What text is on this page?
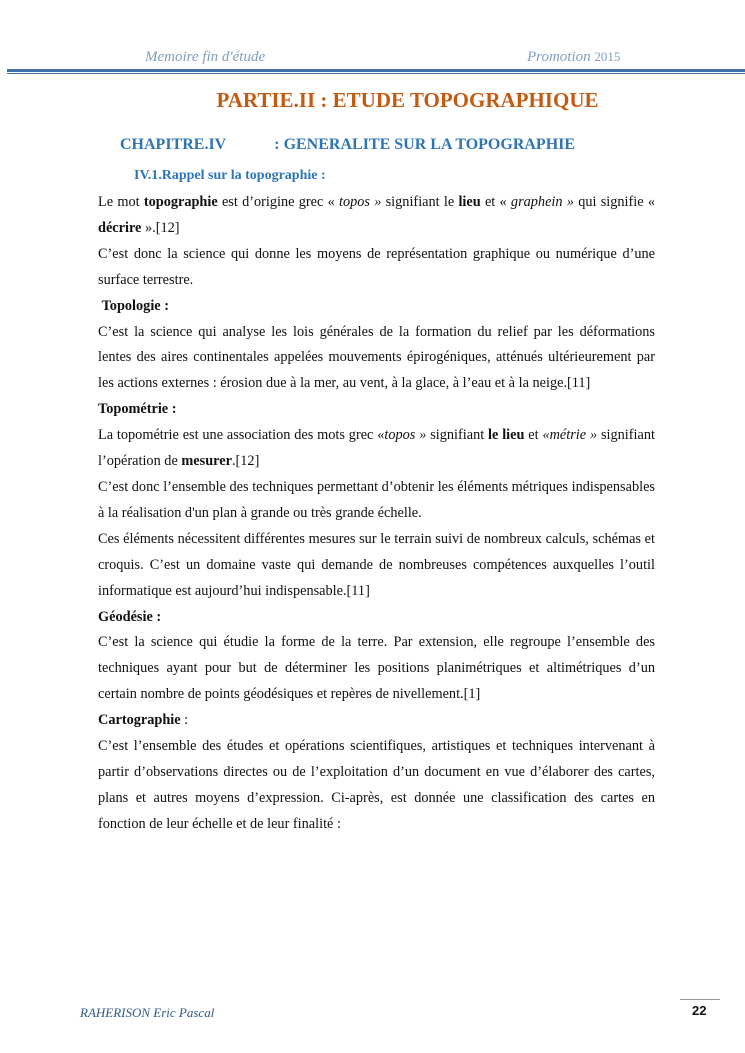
Memoire fin d'étude	Promotion 2015
PARTIE.II : ETUDE TOPOGRAPHIQUE
CHAPITRE.IV	: GENERALITE SUR LA TOPOGRAPHIE
IV.1.Rappel sur la topographie :

Le mot topographie est d’origine grec « topos » signifiant le lieu et « graphein » qui signifie « décrire ».[12]

C’est donc la science qui donne les moyens de représentation graphique ou numérique d’une surface terrestre.

Topologie :

C’est la science qui analyse les lois générales de la formation du relief par les déformations lentes des aires continentales appelées mouvements épirogéniques, atténués ultérieurement par les actions externes : érosion due à la mer, au vent, à la glace, à l’eau et à la neige.[11]

Topométrie :

La topométrie est une association des mots grec «topos » signifiant le lieu et «métrie » signifiant l’opération de mesurer.[12]

C’est donc l’ensemble des techniques permettant d’obtenir les éléments métriques indispensables à la réalisation d'un plan à grande ou très grande échelle.

Ces éléments nécessitent différentes mesures sur le terrain suivi de nombreux calculs, schémas et croquis. C’est un domaine vaste qui demande de nombreuses compétences auxquelles l’outil informatique est aujourd’hui indispensable.[11]

Géodésie :

C’est la science qui étudie la forme de la terre. Par extension, elle regroupe l’ensemble des techniques ayant pour but de déterminer les positions planimétriques et altimétriques d’un certain nombre de points géodésiques et repères de nivellement.[1]

Cartographie :

C’est l’ensemble des études et opérations scientifiques, artistiques et techniques intervenant à partir d’observations directes ou de l’exploitation d’un document en vue d’élaborer des cartes, plans et autres moyens d’expression. Ci-après, est donnée une classification des cartes en fonction de leur échelle et de leur finalité :

RAHERISON Eric Pascal	22
